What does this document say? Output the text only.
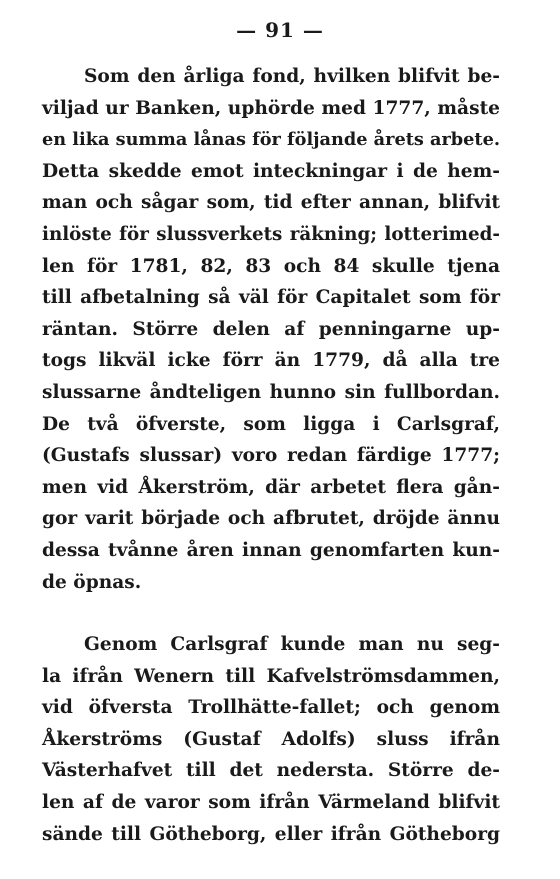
— 91 —
Som den årliga fond, hvilken blifvit be-
viljad ur Banken, uphörde med 1777, måste
en lika summa lånas för följande årets arbete.
Detta skedde emot inteckningar i de hem-
man och sågar som, tid efter annan, blifvit
inlöste för slussverkets räkning; lotterimed-
len för 1781, 82, 83 och 84 skulle tjena
till afbetalning så väl för Capitalet som för
räntan. Större delen af penningarne up-
togs likväl icke förr än 1779, då alla tre
slussarne åndteligen hunno sin fullbordan.
De två öfverste, som ligga i Carlsgraf,
(Gustafs slussar) voro redan färdige 1777;
men vid Åkerström, där arbetet flera gån-
gor varit började och afbrutet, dröjde ännu
dessa tvånne åren innan genomfarten kun-
de öpnas.
Genom Carlsgraf kunde man nu seg-
la ifrån Wenern till Kafvelströmsdammen,
vid öfversta Trollhätte-fallet; och genom
Åkerströms (Gustaf Adolfs) sluss ifrån
Västerhafvet till det nedersta. Större de-
len af de varor som ifrån Värmeland blifvit
sände till Götheborg, eller ifrån Götheborg
